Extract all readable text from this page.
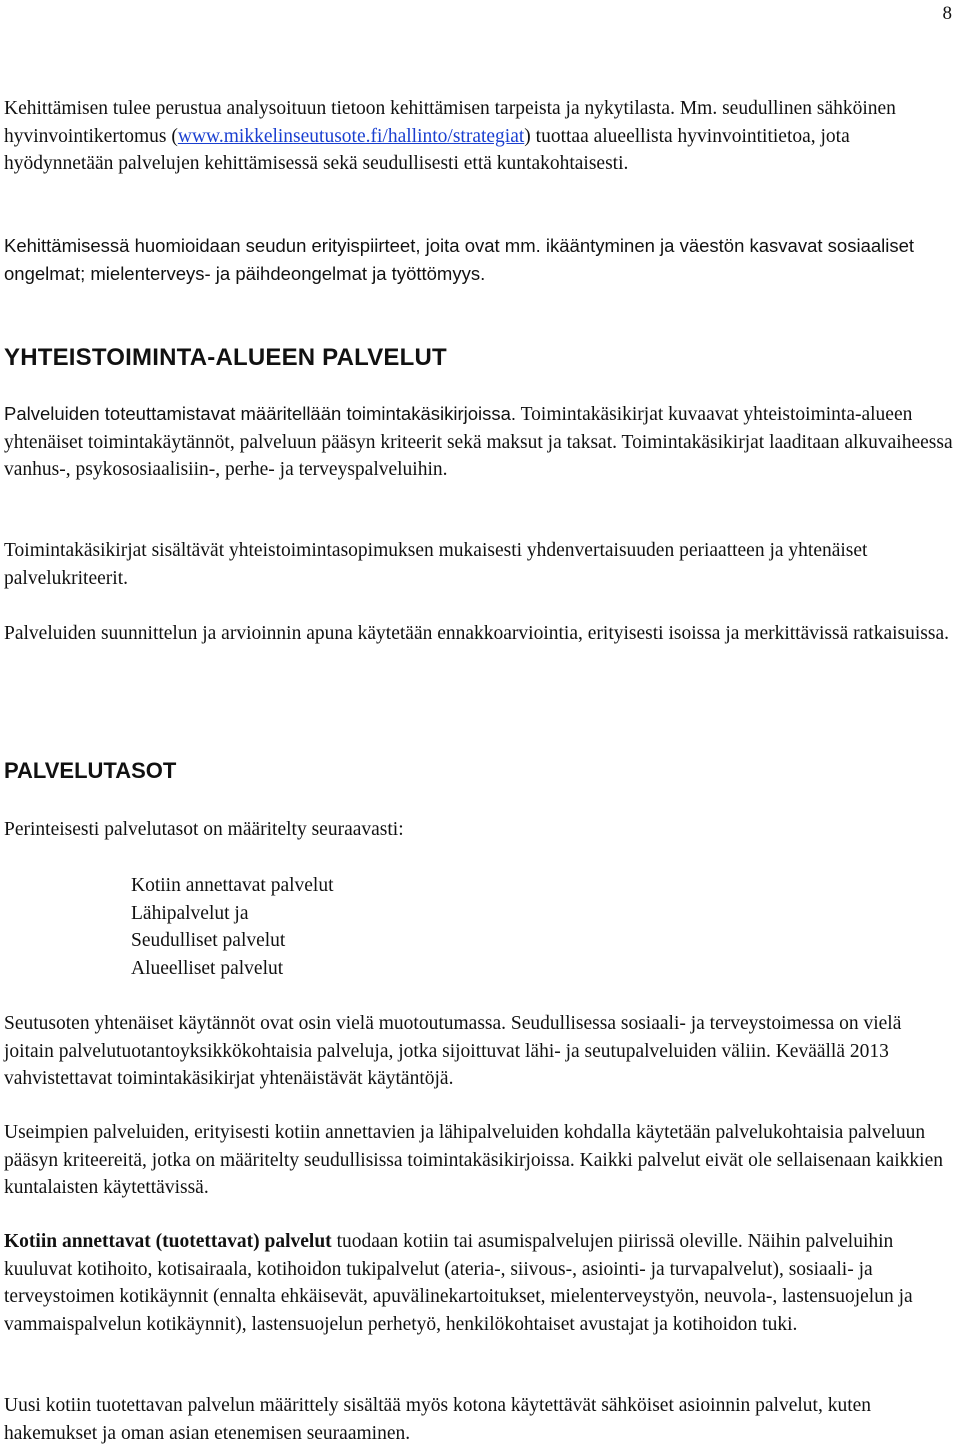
8

Kehittämisen tulee perustua analysoituun tietoon kehittämisen tarpeista ja nykytilasta. Mm. seudullinen sähköinen hyvinvointikertomus (www.mikkelinseutusote.fi/hallinto/strategiat) tuottaa alueellista hyvinvointitietoa, jota hyödynnetään palvelujen kehittämisessä sekä seudullisesti että kuntakohtaisesti.

Kehittämisessä huomioidaan seudun erityispiirteet, joita ovat mm. ikääntyminen ja väestön kasvavat sosiaaliset ongelmat; mielenterveys- ja päihdeongelmat ja työttömyys.

YHTEISTOIMINTA-ALUEEN PALVELUT

Palveluiden toteuttamistavat määritellään toimintakäsikirjoissa. Toimintakäsikirjat kuvaavat yhteistoiminta-alueen yhtenäiset toimintakäytännöt, palveluun pääsyn kriteerit sekä maksut ja taksat. Toimintakäsikirjat laaditaan alkuvaiheessa vanhus-, psykososiaalisiin-, perhe- ja terveyspalveluihin.

Toimintakäsikirjat sisältävät yhteistoimintasopimuksen mukaisesti yhdenvertaisuuden periaatteen ja yhtenäiset palvelukriteerit.

Palveluiden suunnittelun ja arvioinnin apuna käytetään ennakkoarviointia, erityisesti isoissa ja merkittävissä ratkaisuissa.

PALVELUTASOT

Perinteisesti palvelutasot on määritelty seuraavasti:

Kotiin annettavat palvelut
Lähipalvelut ja
Seudulliset palvelut
Alueelliset palvelut

Seutusoten yhtenäiset käytännöt ovat osin vielä muotoutumassa. Seudullisessa sosiaali- ja terveystoimessa on vielä joitain palvelutuotantoyksikkökohtaisia palveluja, jotka sijoittuvat lähi- ja seutupalveluiden väliin. Keväällä 2013 vahvistettavat toimintakäsikirjat yhtenäistävät käytäntöjä.

Useimpien palveluiden, erityisesti kotiin annettavien ja lähipalveluiden kohdalla käytetään palvelukohtaisia palveluun pääsyn kriteereitä, jotka on määritelty seudullisissa toimintakäsikirjoissa. Kaikki palvelut eivät ole sellaisenaan kaikkien kuntalaisten käytettävissä.

Kotiin annettavat (tuotettavat) palvelut tuodaan kotiin tai asumispalvelujen piirissä oleville. Näihin palveluihin kuuluvat kotihoito, kotisairaala, kotihoidon tukipalvelut (ateria-, siivous-, asiointi- ja turvapalvelut), sosiaali- ja terveystoimen kotikäynnit (ennalta ehkäisevät, apuvälinekartoitukset, mielenterveystyön, neuvola-, lastensuojelun ja vammaispalvelun kotikäynnit), lastensuojelun perhetyö, henkilökohtaiset avustajat ja kotihoidon tuki.

Uusi kotiin tuotettavan palvelun määrittely sisältää myös kotona käytettävät sähköiset asioinnin palvelut, kuten hakemukset ja oman asian etenemisen seuraaminen.
